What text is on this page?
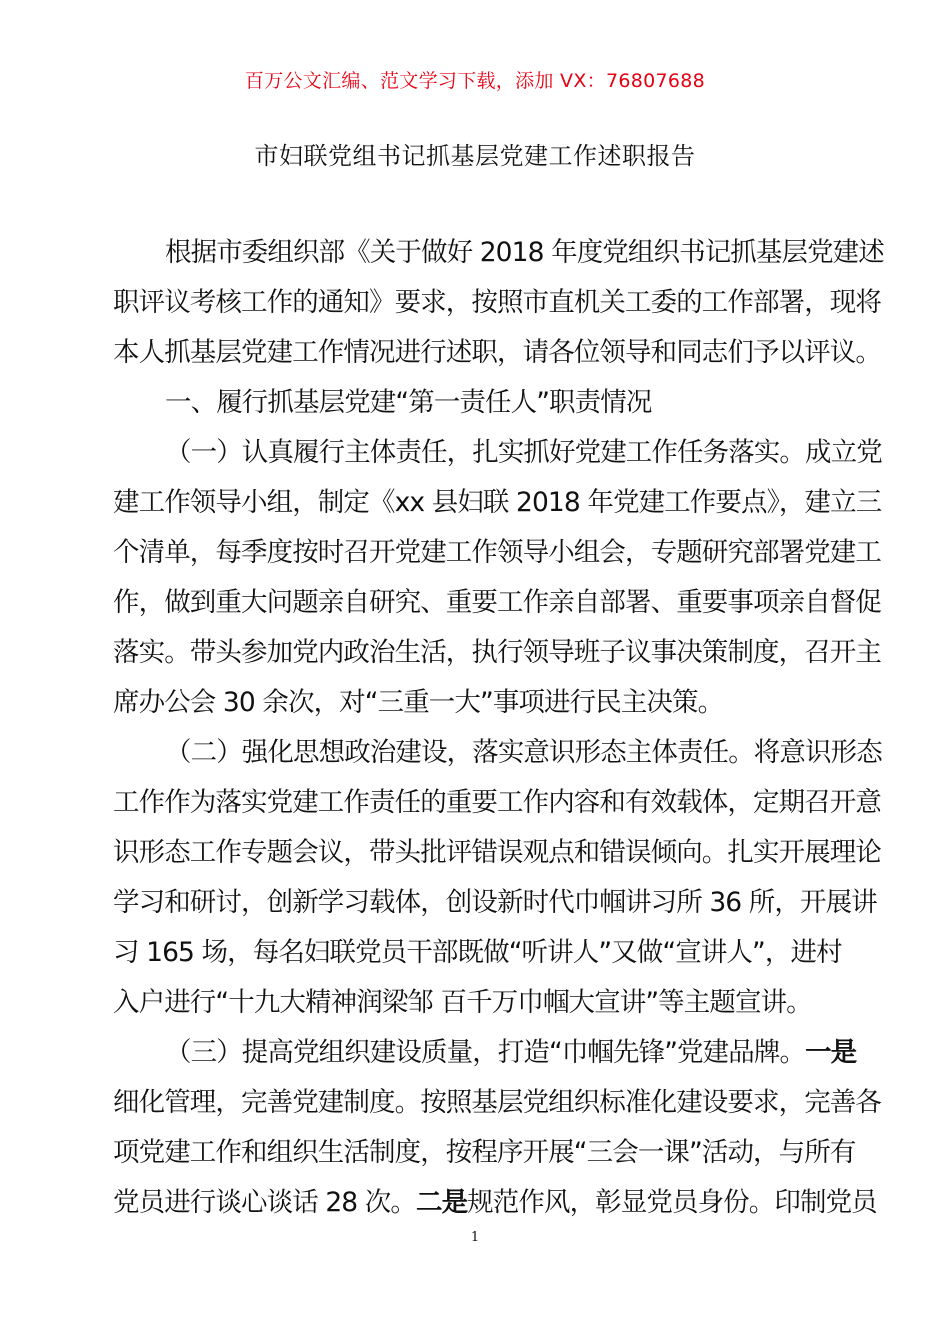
百万公文汇编、范文学习下载，添加 VX：76807688
市妇联党组书记抓基层党建工作述职报告
根据市委组织部《关于做好 2018 年度党组织书记抓基层党建述
职评议考核工作的通知》要求，按照市直机关工委的工作部署，现将
本人抓基层党建工作情况进行述职，请各位领导和同志们予以评议。
一、履行抓基层党建“第一责任人”职责情况
（一）认真履行主体责任，扎实抓好党建工作任务落实。成立党
建工作领导小组，制定《xx 县妇联 2018 年党建工作要点》，建立三
个清单，每季度按时召开党建工作领导小组会，专题研究部署党建工
作，做到重大问题亲自研究、重要工作亲自部署、重要事项亲自督促
落实。带头参加党内政治生活，执行领导班子议事决策制度，召开主
席办公会 30 余次，对“三重一大”事项进行民主决策。
（二）强化思想政治建设，落实意识形态主体责任。将意识形态
工作作为落实党建工作责任的重要工作内容和有效载体，定期召开意
识形态工作专题会议，带头批评错误观点和错误倾向。扎实开展理论
学习和研讨，创新学习载体，创设新时代巾帼讲习所 36 所，开展讲
习 165 场，每名妇联党员干部既做“听讲人”又做“宣讲人”，进村
入户进行“十九大精神润梁邹 百千万巾帼大宣讲”等主题宣讲。
（三）提高党组织建设质量，打造“巾帼先锋”党建品牌。一是
细化管理，完善党建制度。按照基层党组织标准化建设要求，完善各
项党建工作和组织生活制度，按程序开展“三会一课”活动，与所有
党员进行谈心谈话 28 次。二是规范作风，彰显党员身份。印制党员
1
